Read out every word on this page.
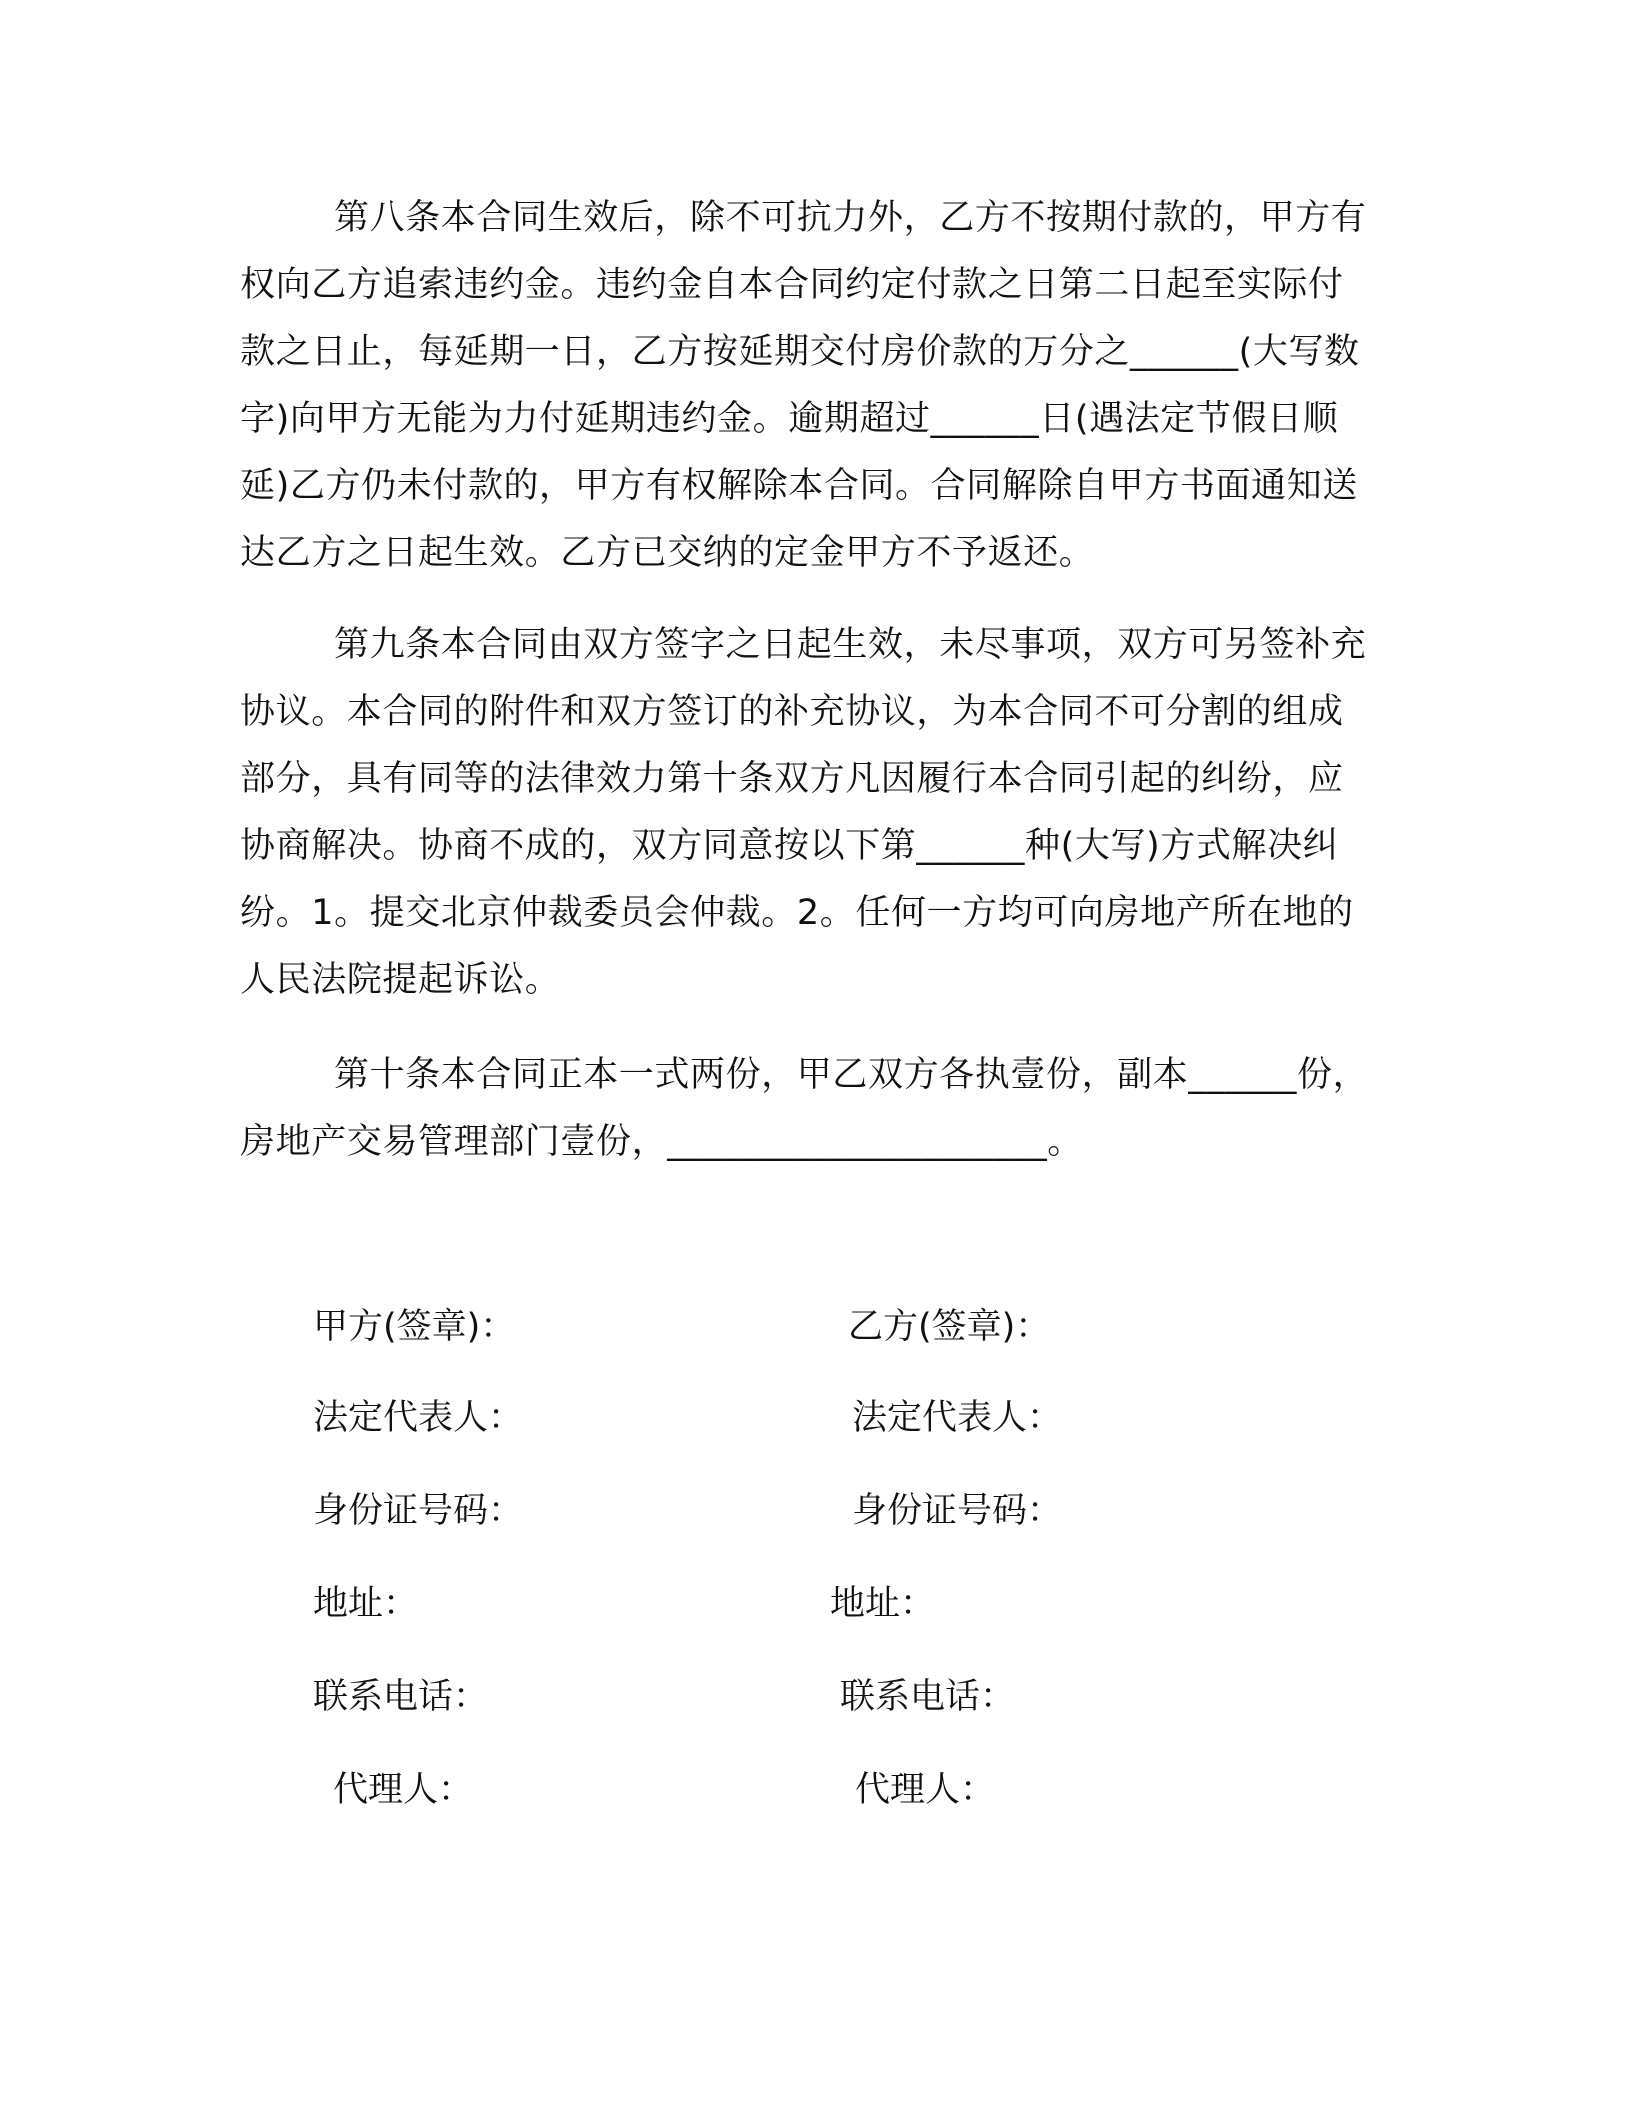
第八条本合同生效后，除不可抗力外，乙方不按期付款的，甲方有权向乙方追索违约金。违约金自本合同约定付款之日第二日起至实际付款之日止，每延期一日，乙方按延期交付房价款的万分之______(大写数字)向甲方无能为力付延期违约金。逾期超过______日(遇法定节假日顺延)乙方仍未付款的，甲方有权解除本合同。合同解除自甲方书面通知送达乙方之日起生效。乙方已交纳的定金甲方不予返还。

第九条本合同由双方签字之日起生效，未尽事项，双方可另签补充协议。本合同的附件和双方签订的补充协议，为本合同不可分割的组成部分，具有同等的法律效力第十条双方凡因履行本合同引起的纠纷，应协商解决。协商不成的，双方同意按以下第______种(大写)方式解决纠纷。1。提交北京仲裁委员会仲裁。2。任何一方均可向房地产所在地的人民法院提起诉讼。

第十条本合同正本一式两份，甲乙双方各执壹份，副本______份，房地产交易管理部门壹份，_____________________。

甲方(签章)：

法定代表人：

身份证号码：

地址：

联系电话：

代理人：

乙方(签章)：

法定代表人：

身份证号码：

地址：

联系电话：

代理人：
